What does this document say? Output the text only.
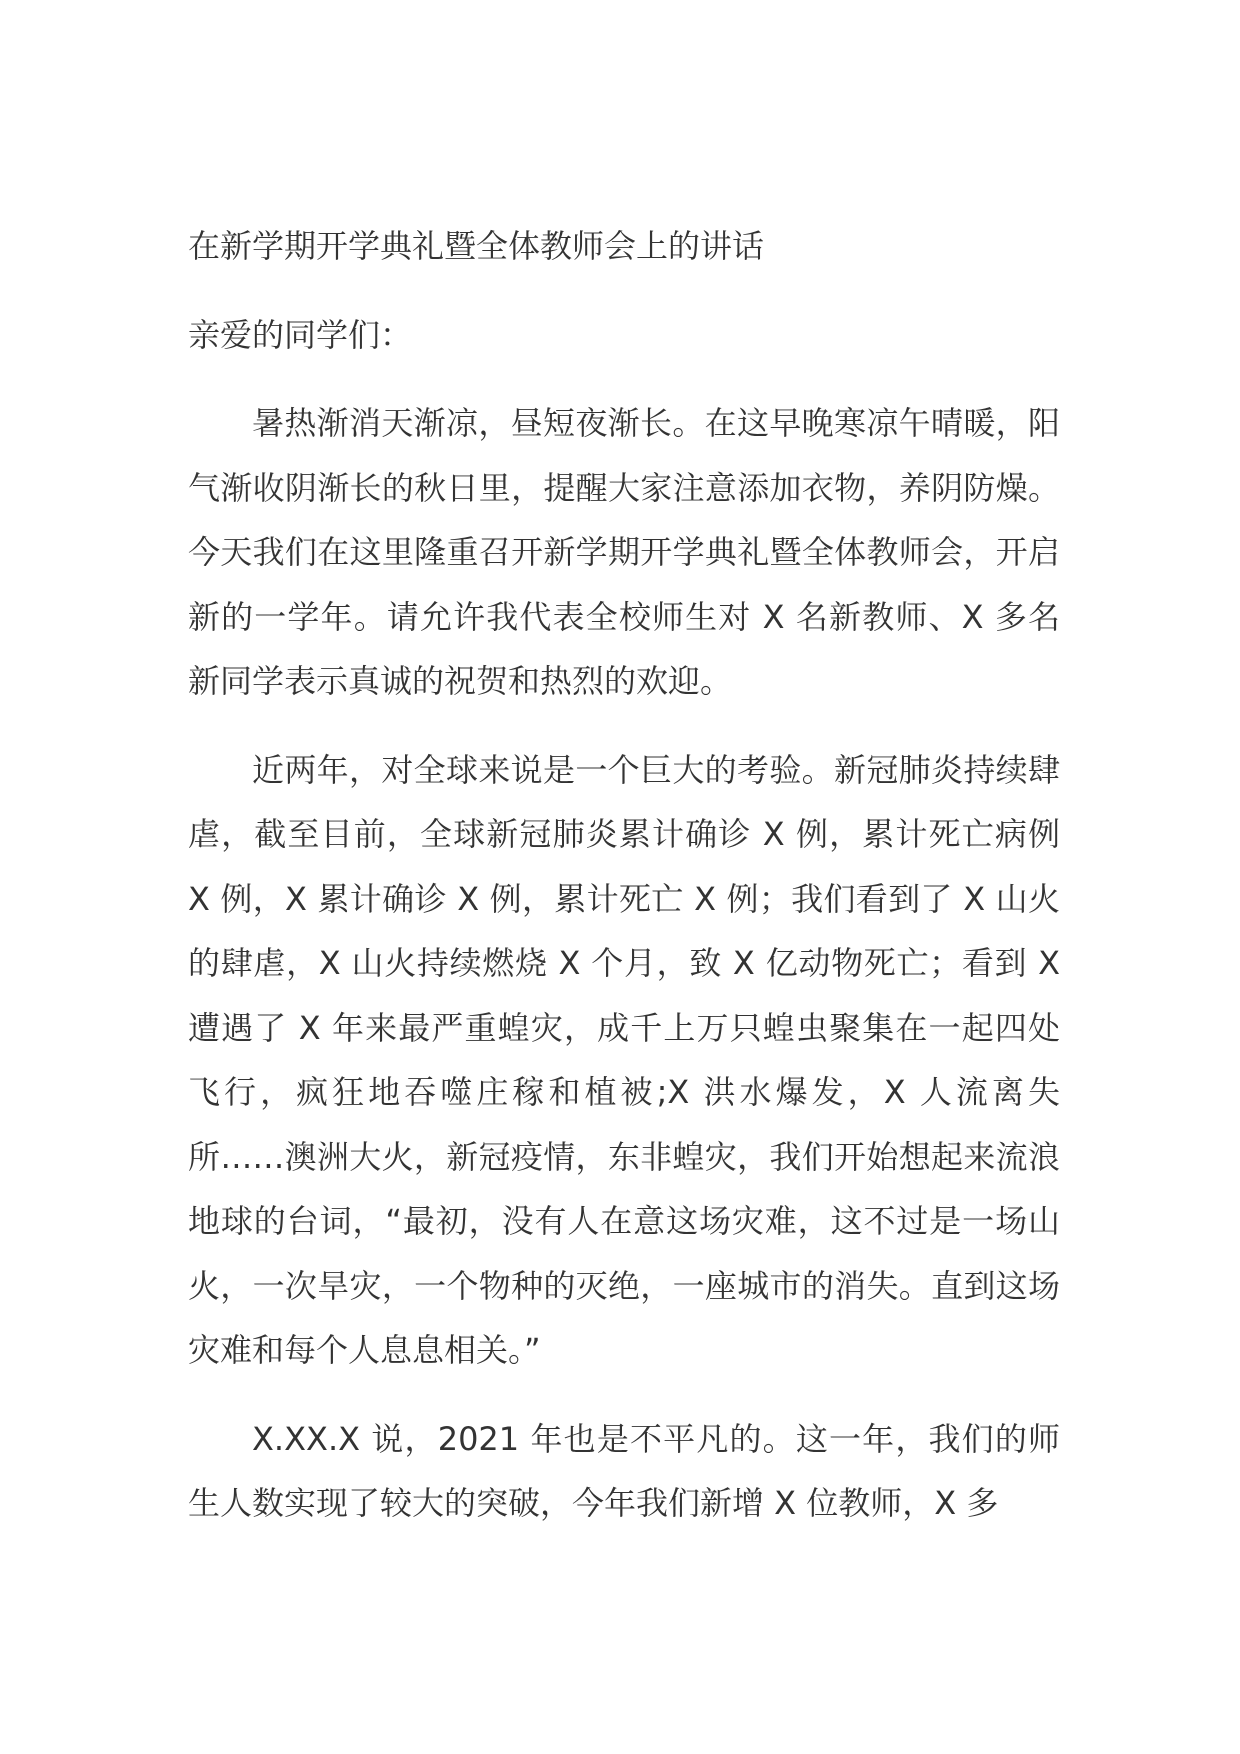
在新学期开学典礼暨全体教师会上的讲话

亲爱的同学们：

暑热渐消天渐凉，昼短夜渐长。在这早晚寒凉午晴暖，阳气渐收阴渐长的秋日里，提醒大家注意添加衣物，养阴防燥。今天我们在这里隆重召开新学期开学典礼暨全体教师会，开启新的一学年。请允许我代表全校师生对 X 名新教师、X 多名新同学表示真诚的祝贺和热烈的欢迎。

近两年，对全球来说是一个巨大的考验。新冠肺炎持续肆虐，截至目前，全球新冠肺炎累计确诊 X 例，累计死亡病例 X 例，X 累计确诊 X 例，累计死亡 X 例；我们看到了 X 山火的肆虐，X 山火持续燃烧 X 个月，致 X 亿动物死亡；看到 X 遭遇了 X 年来最严重蝗灾，成千上万只蝗虫聚集在一起四处飞行，疯狂地吞噬庄稼和植被;X 洪水爆发，X 人流离失所……澳洲大火，新冠疫情，东非蝗灾，我们开始想起来流浪地球的台词，“最初，没有人在意这场灾难，这不过是一场山火，一次旱灾，一个物种的灭绝，一座城市的消失。直到这场灾难和每个人息息相关。”

X.XX.X 说，2021 年也是不平凡的。这一年，我们的师生人数实现了较大的突破，今年我们新增 X 位教师，X 多
